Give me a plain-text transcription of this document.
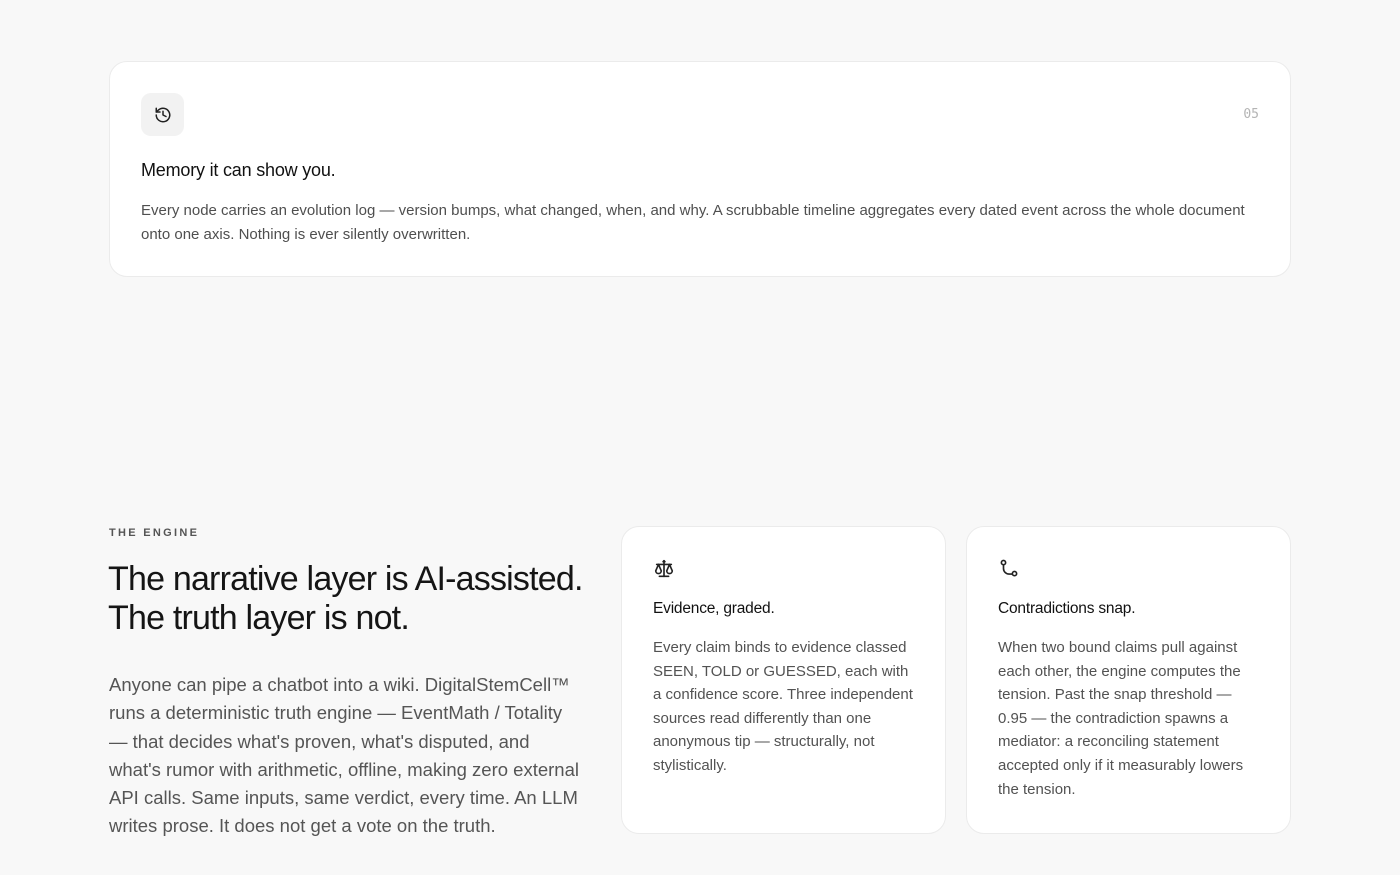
05
Memory it can show you.

Every node carries an evolution log — version bumps, what changed, when, and why. A scrubbable timeline aggregates every dated event across the whole document onto one axis. Nothing is ever silently overwritten.

THE ENGINE
The narrative layer is AI-assisted.
The truth layer is not.

Anyone can pipe a chatbot into a wiki. DigitalStemCell™ runs a deterministic truth engine — EventMath / Totality — that decides what's proven, what's disputed, and what's rumor with arithmetic, offline, making zero external API calls. Same inputs, same verdict, every time. An LLM writes prose. It does not get a vote on the truth.

Evidence, graded.

Every claim binds to evidence classed SEEN, TOLD or GUESSED, each with a confidence score. Three independent sources read differently than one anonymous tip — structurally, not stylistically.

Contradictions snap.

When two bound claims pull against each other, the engine computes the tension. Past the snap threshold — 0.95 — the contradiction spawns a mediator: a reconciling statement accepted only if it measurably lowers the tension.
